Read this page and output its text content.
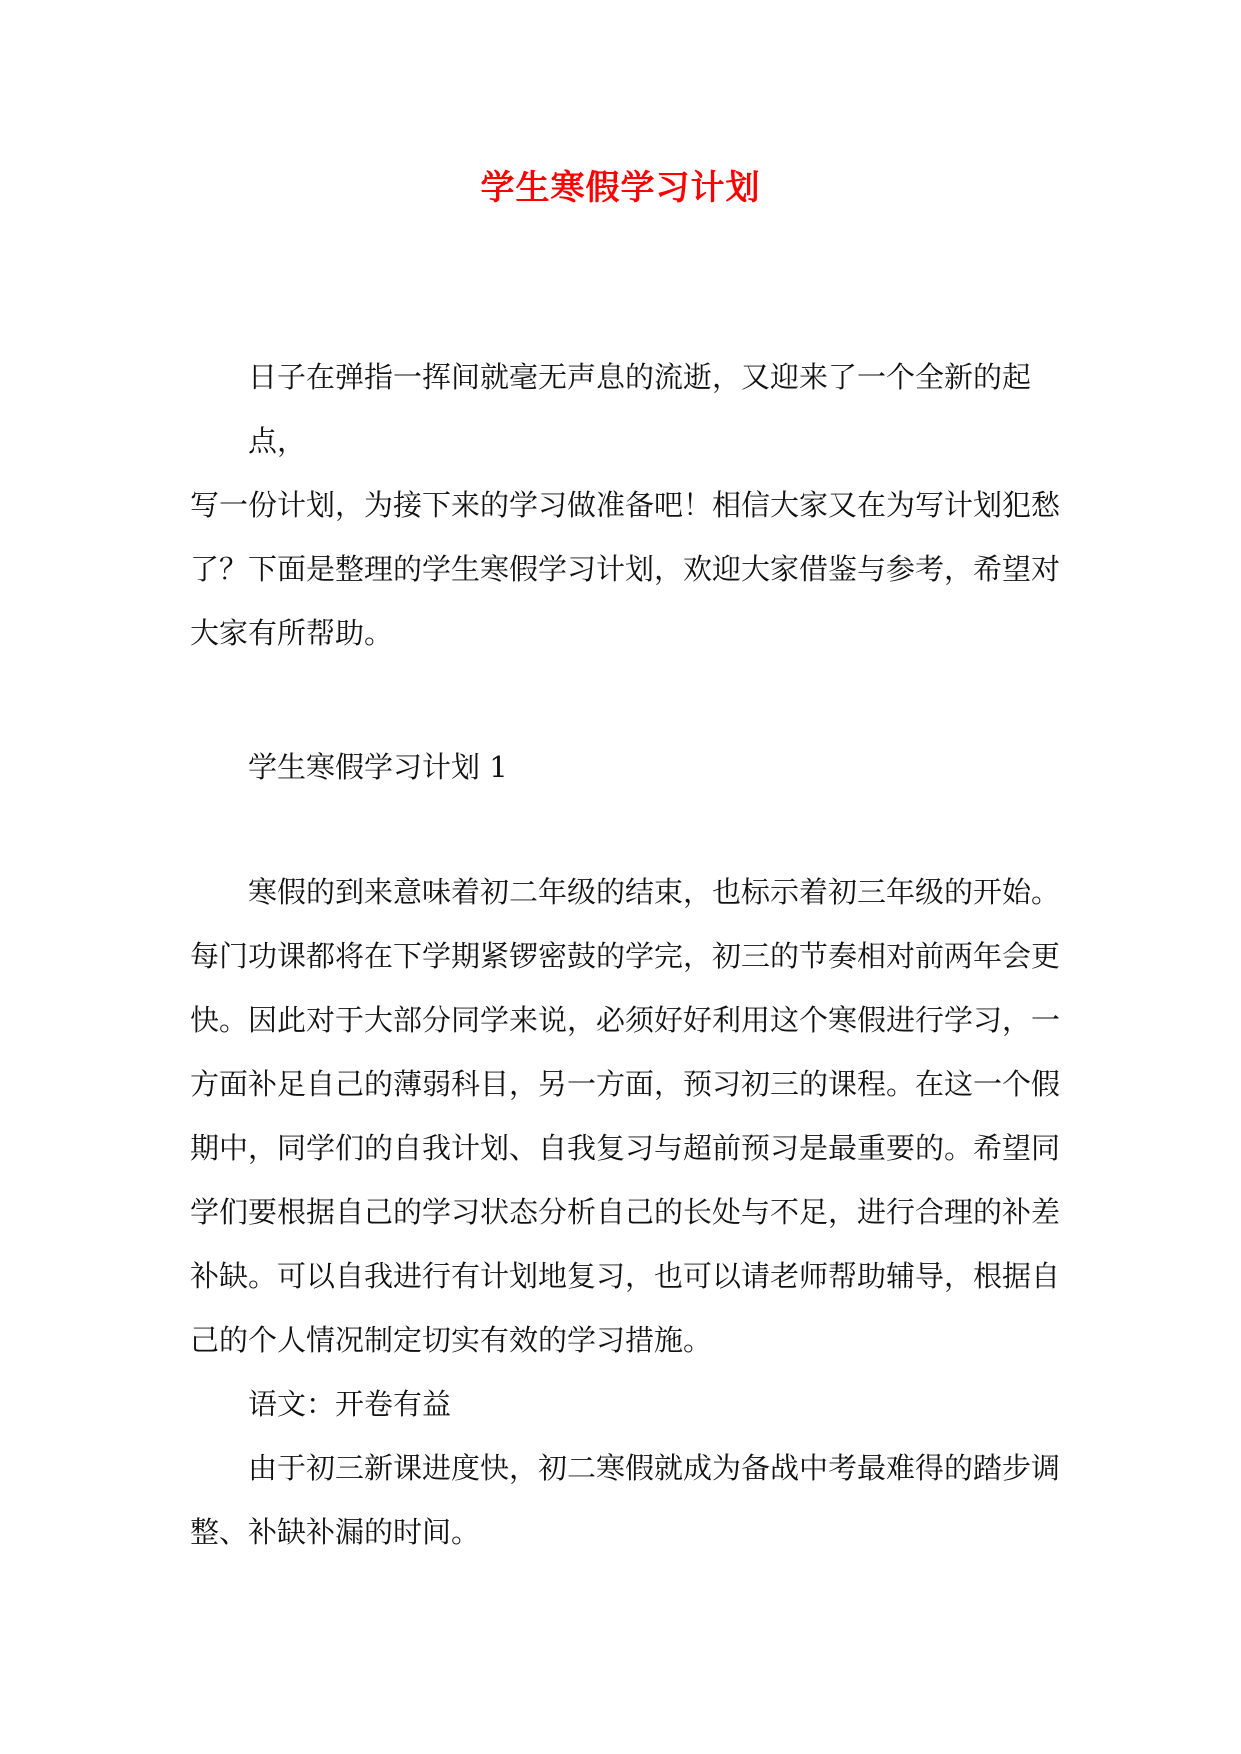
学生寒假学习计划
日子在弹指一挥间就毫无声息的流逝，又迎来了一个全新的起点，
写一份计划，为接下来的学习做准备吧！相信大家又在为写计划犯愁
了？下面是整理的学生寒假学习计划，欢迎大家借鉴与参考，希望对
大家有所帮助。
学生寒假学习计划 1
寒假的到来意味着初二年级的结束，也标示着初三年级的开始。
每门功课都将在下学期紧锣密鼓的学完，初三的节奏相对前两年会更
快。因此对于大部分同学来说，必须好好利用这个寒假进行学习，一
方面补足自己的薄弱科目，另一方面，预习初三的课程。在这一个假
期中，同学们的自我计划、自我复习与超前预习是最重要的。希望同
学们要根据自己的学习状态分析自己的长处与不足，进行合理的补差
补缺。可以自我进行有计划地复习，也可以请老师帮助辅导，根据自
己的个人情况制定切实有效的学习措施。
语文：开卷有益
由于初三新课进度快，初二寒假就成为备战中考最难得的踏步调
整、补缺补漏的时间。
